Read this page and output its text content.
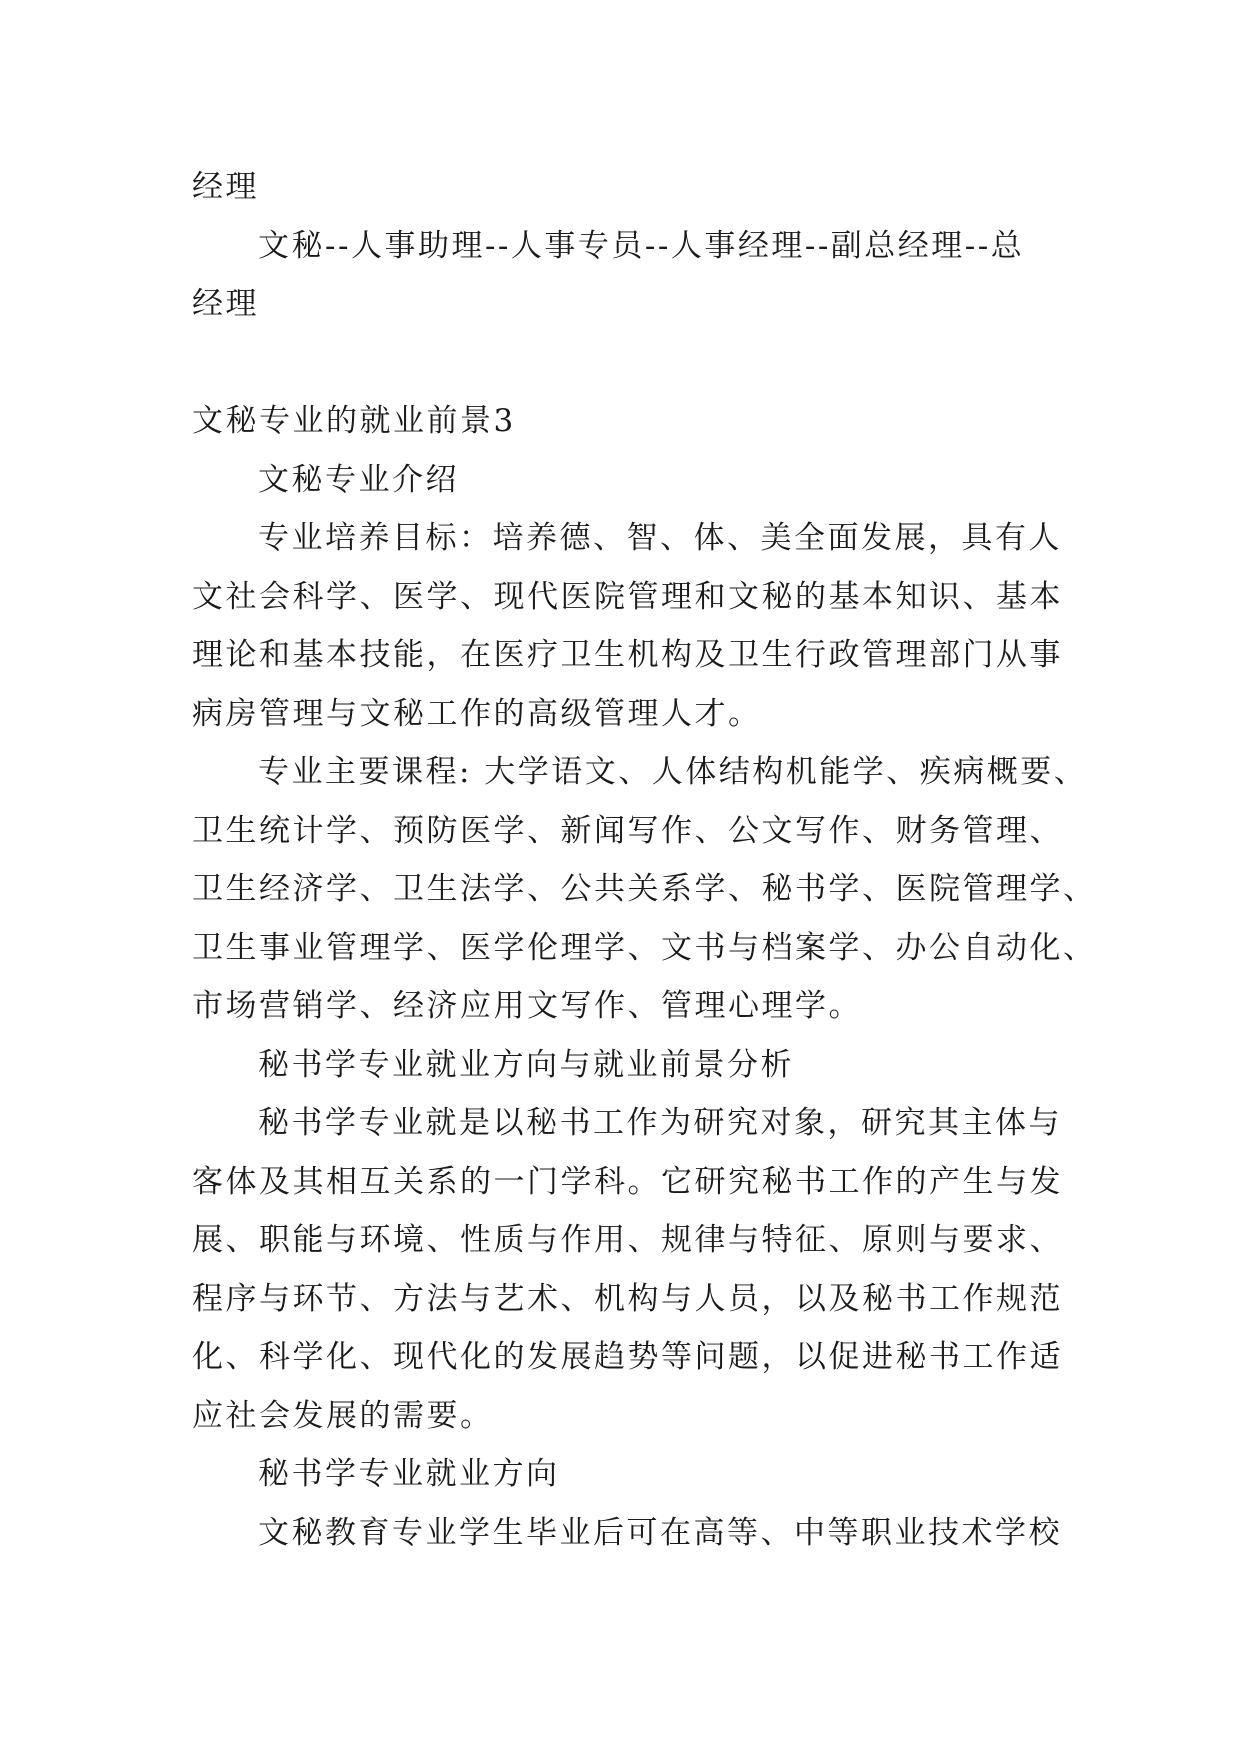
经理
文秘--人事助理--人事专员--人事经理--副总经理--总
经理
文秘专业的就业前景3
文秘专业介绍
专业培养目标：培养德、智、体、美全面发展，具有人
文社会科学、医学、现代医院管理和文秘的基本知识、基本
理论和基本技能，在医疗卫生机构及卫生行政管理部门从事
病房管理与文秘工作的高级管理人才。
专业主要课程: 大学语文、人体结构机能学、疾病概要、
卫生统计学、预防医学、新闻写作、公文写作、财务管理、
卫生经济学、卫生法学、公共关系学、秘书学、医院管理学、
卫生事业管理学、医学伦理学、文书与档案学、办公自动化、
市场营销学、经济应用文写作、管理心理学。
秘书学专业就业方向与就业前景分析
秘书学专业就是以秘书工作为研究对象，研究其主体与
客体及其相互关系的一门学科。它研究秘书工作的产生与发
展、职能与环境、性质与作用、规律与特征、原则与要求、
程序与环节、方法与艺术、机构与人员，以及秘书工作规范
化、科学化、现代化的发展趋势等问题，以促进秘书工作适
应社会发展的需要。
秘书学专业就业方向
文秘教育专业学生毕业后可在高等、中等职业技术学校
